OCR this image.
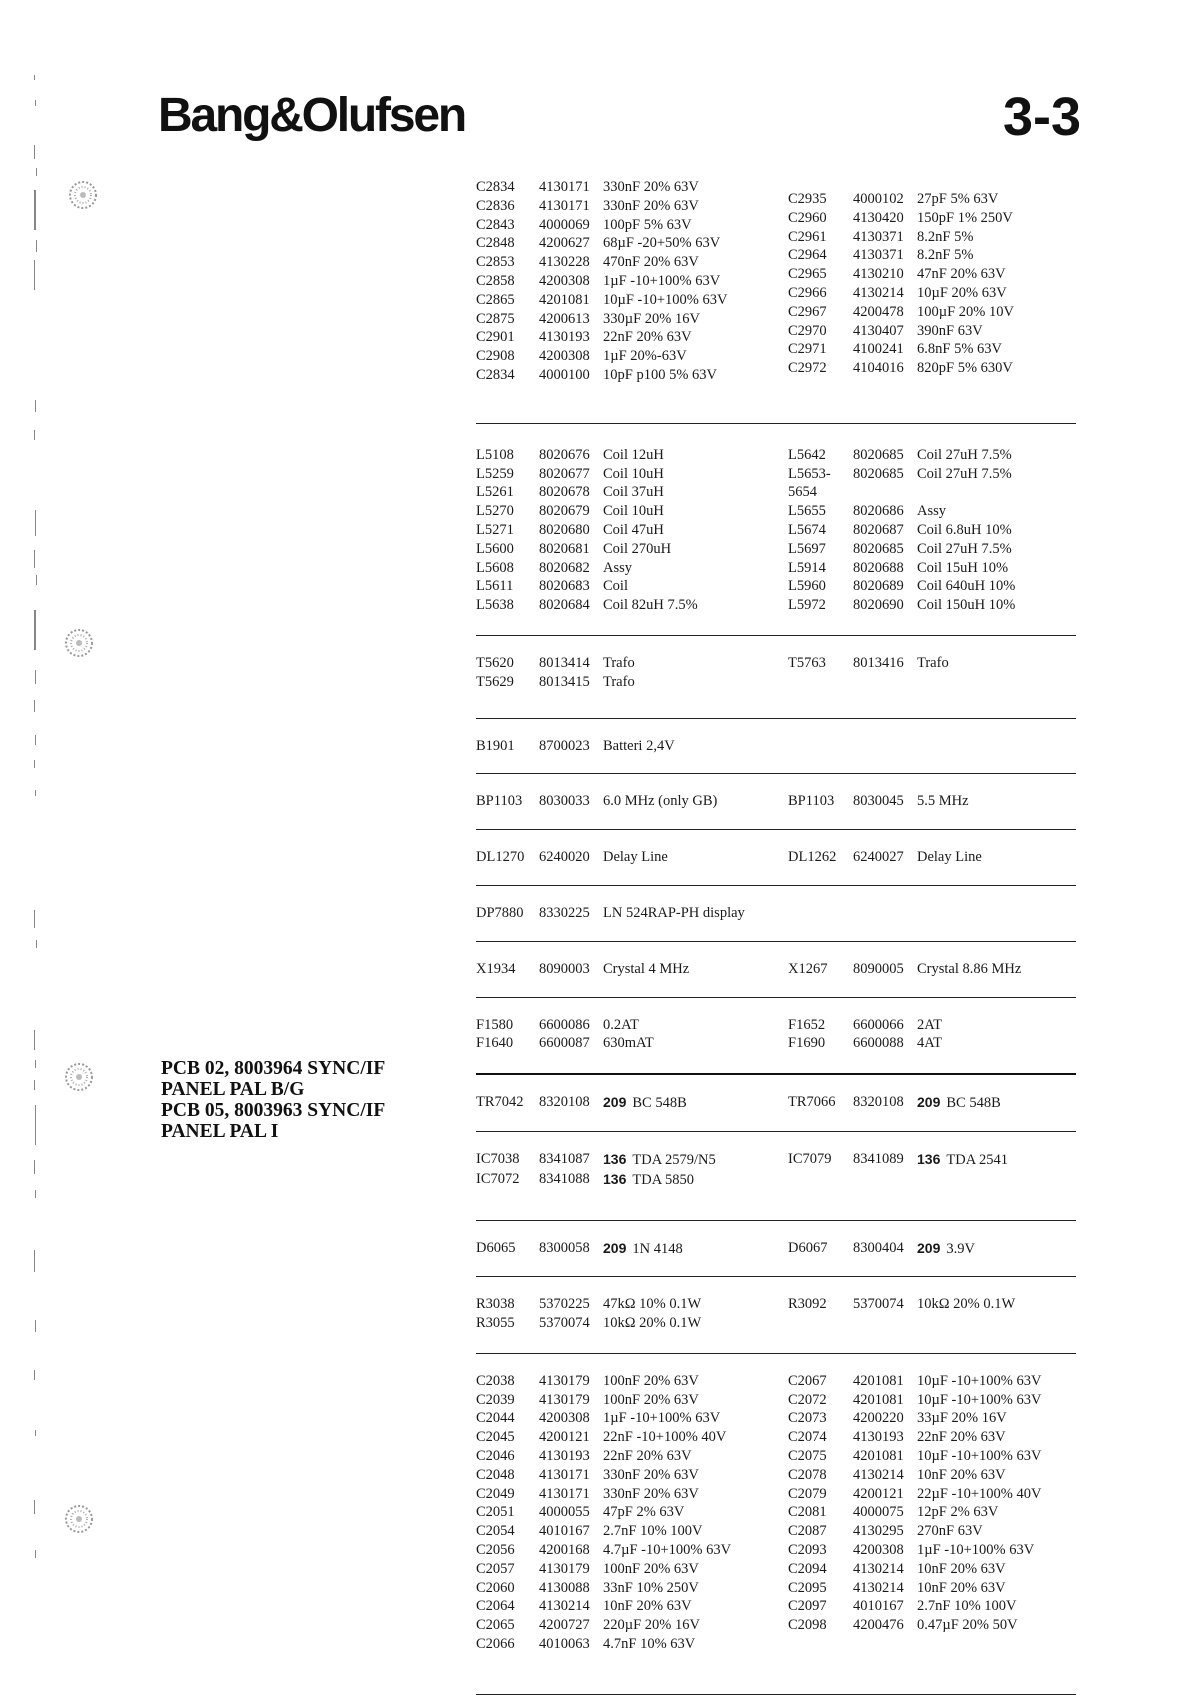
Bang&Olufsen	3-3
PCB 02, 8003964 SYNC/IF
PANEL PAL B/G
PCB 05, 8003963 SYNC/IF
PANEL PAL I
C2834	4130171 330nF 20% 63V
C2836	4130171 330nF 20% 63V
C2843	4000069 100pF 5% 63V
C2848	4200627 68µF -20+50% 63V
C2853	4130228 470nF 20% 63V
C2858	4200308 1µF -10+100% 63V
C2865	4201081 10µF -10+100% 63V
C2875	4200613 330µF 20% 16V
C2901	4130193 22nF 20% 63V
C2908	4200308 1µF 20%-63V
C2834	4000100 10pF p100 5% 63V
C2935	4000102 27pF 5% 63V
C2960	4130420 150pF 1% 250V
C2961	4130371 8.2nF 5%
C2964	4130371 8.2nF 5%
C2965	4130210 47nF 20% 63V
C2966	4130214 10µF 20% 63V
C2967	4200478 100µF 20% 10V
C2970	4130407 390nF 63V
C2971	4100241 6.8nF 5% 63V
C2972	4104016 820pF 5% 630V
L5108	8020676 Coil 12uH
L5259	8020677 Coil 10uH
L5261	8020678 Coil 37uH
L5270	8020679 Coil 10uH
L5271	8020680 Coil 47uH
L5600	8020681 Coil 270uH
L5608	8020682 Assy
L5611	8020683 Coil
L5638	8020684 Coil 82uH 7.5%
L5642	8020685 Coil 27uH 7.5%
L5653-	8020685 Coil 27uH 7.5%
5654
L5655	8020686 Assy
L5674	8020687 Coil 6.8uH 10%
L5697	8020685 Coil 27uH 7.5%
L5914	8020688 Coil 15uH 10%
L5960	8020689 Coil 640uH 10%
L5972	8020690 Coil 150uH 10%
T5620	8013414 Trafo
T5629	8013415 Trafo
T5763	8013416 Trafo
B1901	8700023 Batteri 2,4V
BP1103	8030033 6.0 MHz (only GB)	BP1103	8030045 5.5 MHz
DL1270	6240020 Delay Line	DL1262	6240027 Delay Line
DP7880	8330225 LN 524RAP-PH display
X1934	8090003 Crystal 4 MHz	X1267	8090005 Crystal 8.86 MHz
F1580	6600086 0.2AT
F1640	6600087 630mAT
F1652	6600066 2AT
F1690	6600088 4AT
TR7042	8320108 209 BC 548B	TR7066	8320108 209 BC 548B
IC7038	8341087 136 TDA 2579/N5
IC7072	8341088 136 TDA 5850
IC7079	8341089 136 TDA 2541
D6065	8300058 209 1N 4148	D6067	8300404 209 3.9V
R3038	5370225 47kΩ 10% 0.1W
R3055	5370074 10kΩ 20% 0.1W
R3092	5370074 10kΩ 20% 0.1W
C2038	4130179 100nF 20% 63V
C2039	4130179 100nF 20% 63V
C2044	4200308 1µF -10+100% 63V
C2045	4200121 22nF -10+100% 40V
C2046	4130193 22nF 20% 63V
C2048	4130171 330nF 20% 63V
C2049	4130171 330nF 20% 63V
C2051	4000055 47pF 2% 63V
C2054	4010167 2.7nF 10% 100V
C2056	4200168 4.7µF -10+100% 63V
C2057	4130179 100nF 20% 63V
C2060	4130088 33nF 10% 250V
C2064	4130214 10nF 20% 63V
C2065	4200727 220µF 20% 16V
C2066	4010063 4.7nF 10% 63V
C2067	4201081 10µF -10+100% 63V
C2072	4201081 10µF -10+100% 63V
C2073	4200220 33µF 20% 16V
C2074	4130193 22nF 20% 63V
C2075	4201081 10µF -10+100% 63V
C2078	4130214 10nF 20% 63V
C2079	4200121 22µF -10+100% 40V
C2081	4000075 12pF 2% 63V
C2087	4130295 270nF 63V
C2093	4200308 1µF -10+100% 63V
C2094	4130214 10nF 20% 63V
C2095	4130214 10nF 20% 63V
C2097	4010167 2.7nF 10% 100V
C2098	4200476 0.47µF 20% 50V
